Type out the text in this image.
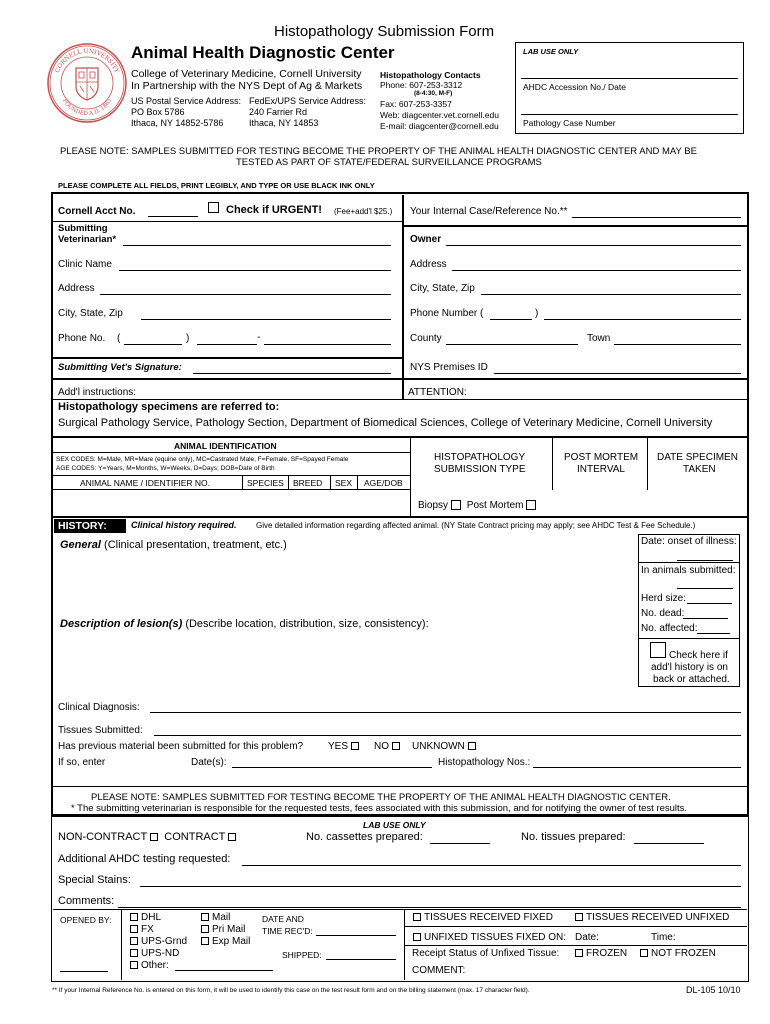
Histopathology Submission Form
CORNELL UNIVERSITY
FOUNDED A.D. 1865
Animal Health Diagnostic Center
College of Veterinary Medicine, Cornell University
In Partnership with the NYS Dept of Ag & Markets
US Postal Service Address:
PO Box 5786
Ithaca, NY 14852-5786
FedEx/UPS Service Address:
240 Farrier Rd
Ithaca, NY 14853
Histopathology Contacts
Phone: 607-253-3312
(8-4:30, M-F)
Fax: 607-253-3357
Web: diagcenter.vet.cornell.edu
E-mail: diagcenter@cornell.edu
LAB USE ONLY
AHDC Accession No./ Date
Pathology Case Number
PLEASE NOTE: SAMPLES SUBMITTED FOR TESTING BECOME THE PROPERTY OF THE ANIMAL HEALTH DIAGNOSTIC CENTER AND MAY BE
TESTED AS PART OF STATE/FEDERAL SURVEILLANCE PROGRAMS
PLEASE COMPLETE ALL FIELDS, PRINT LEGIBLY, AND TYPE OR USE BLACK INK ONLY
Cornell Acct No.	Check if URGENT! (Fee+add'l $25.)
Submitting
Veterinarian*
Clinic Name
Address
City, State, Zip
Phone No. (	)	-
Submitting Vet's Signature:
Your Internal Case/Reference No.**
Owner
Address
City, State, Zip
Phone Number (	)
County	Town
NYS Premises ID
Add'l instructions:	ATTENTION:
Histopathology specimens are referred to:
Surgical Pathology Service, Pathology Section, Department of Biomedical Sciences, College of Veterinary Medicine, Cornell University
ANIMAL IDENTIFICATION
SEX CODES: M=Male, MR=Mare (equine only), MC=Castrated Male, F=Female, SF=Spayed Female
AGE CODES: Y=Years, M=Months, W=Weeks, D=Days; DOB=Date of Birth
ANIMAL NAME / IDENTIFIER NO.	SPECIES BREED SEX AGE/DOB
HISTOPATHOLOGY
SUBMISSION TYPE
Biopsy Post Mortem
POST MORTEM
INTERVAL
DATE SPECIMEN
TAKEN
HISTORY:	Clinical history required. Give detailed information regarding affected animal. (NY State Contract pricing may apply; see AHDC Test & Fee Schedule.)
General (Clinical presentation, treatment, etc.)
Description of lesion(s) (Describe location, distribution, size, consistency):
Date: onset of illness:
In animals submitted:
Herd size:
No. dead:
No. affected:
Check here if
add'l history is on
back or attached.
Clinical Diagnosis:
Tissues Submitted:
Has previous material been submitted for this problem? YES	NO	UNKNOWN
If so, enter	Date(s):	Histopathology Nos.:
PLEASE NOTE: SAMPLES SUBMITTED FOR TESTING BECOME THE PROPERTY OF THE ANIMAL HEALTH DIAGNOSTIC CENTER.
* The submitting veterinarian is responsible for the requested tests, fees associated with this submission, and for notifying the owner of test results.
LAB USE ONLY
NON-CONTRACT CONTRACT	No. cassettes prepared:	No. tissues prepared:
Additional AHDC testing requested:
Special Stains:
Comments:
OPENED BY:	DHL
FX
UPS-Grnd
UPS-ND
Other:
Mail
Pri Mail
Exp Mail
DATE AND
TIME REC'D:
SHIPPED:
TISSUES RECEIVED FIXED	TISSUES RECEIVED UNFIXED
UNFIXED TISSUES FIXED ON: Date:	Time:
Receipt Status of Unfixed Tissue:	FROZEN	NOT FROZEN
COMMENT:
** If your Internal Reference No. is entered on this form, it will be used to identify this case on the test result form and on the billing statement (max. 17 character field).	DL-105 10/10
